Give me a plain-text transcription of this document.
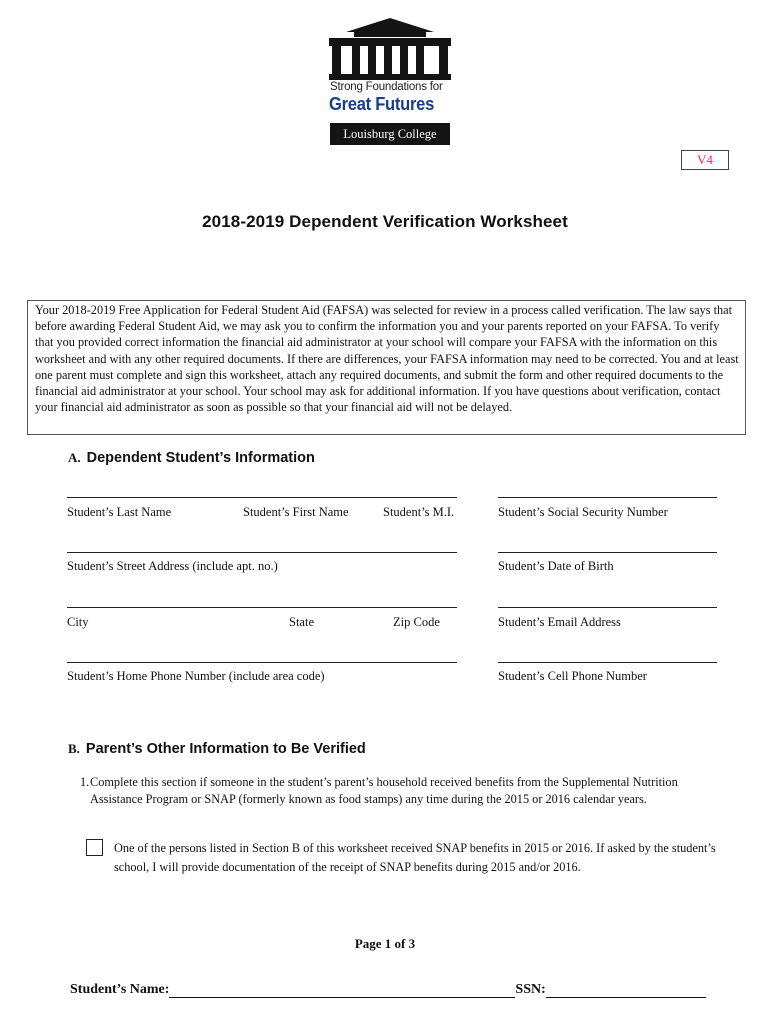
Strong Foundations for
Great Futures
Louisburg College
V4
2018-2019 Dependent Verification Worksheet
Your 2018-2019 Free Application for Federal Student Aid (FAFSA) was selected for review in a process called verification. The law says that before awarding Federal Student Aid, we may ask you to confirm the information you and your parents reported on your FAFSA. To verify that you provided correct information the financial aid administrator at your school will compare your FAFSA with the information on this worksheet and with any other required documents. If there are differences, your FAFSA information may need to be corrected. You and at least one parent must complete and sign this worksheet, attach any required documents, and submit the form and other required documents to the financial aid administrator at your school. Your school may ask for additional information. If you have questions about verification, contact your financial aid administrator as soon as possible so that your financial aid will not be delayed.
A. Dependent Student’s Information
Student’s Last Name	Student’s First Name	Student’s M.I.	Student’s Social Security Number
Student’s Street Address (include apt. no.)	Student’s Date of Birth
City	State	Zip Code	Student’s Email Address
Student’s Home Phone Number (include area code)	Student’s Cell Phone Number
B. Parent’s Other Information to Be Verified
1. Complete this section if someone in the student’s parent’s household received benefits from the Supplemental Nutrition Assistance Program or SNAP (formerly known as food stamps) any time during the 2015 or 2016 calendar years.
One of the persons listed in Section B of this worksheet received SNAP benefits in 2015 or 2016. If asked by the student’s school, I will provide documentation of the receipt of SNAP benefits during 2015 and/or 2016.
Page 1 of 3
Student’s Name:	SSN:
